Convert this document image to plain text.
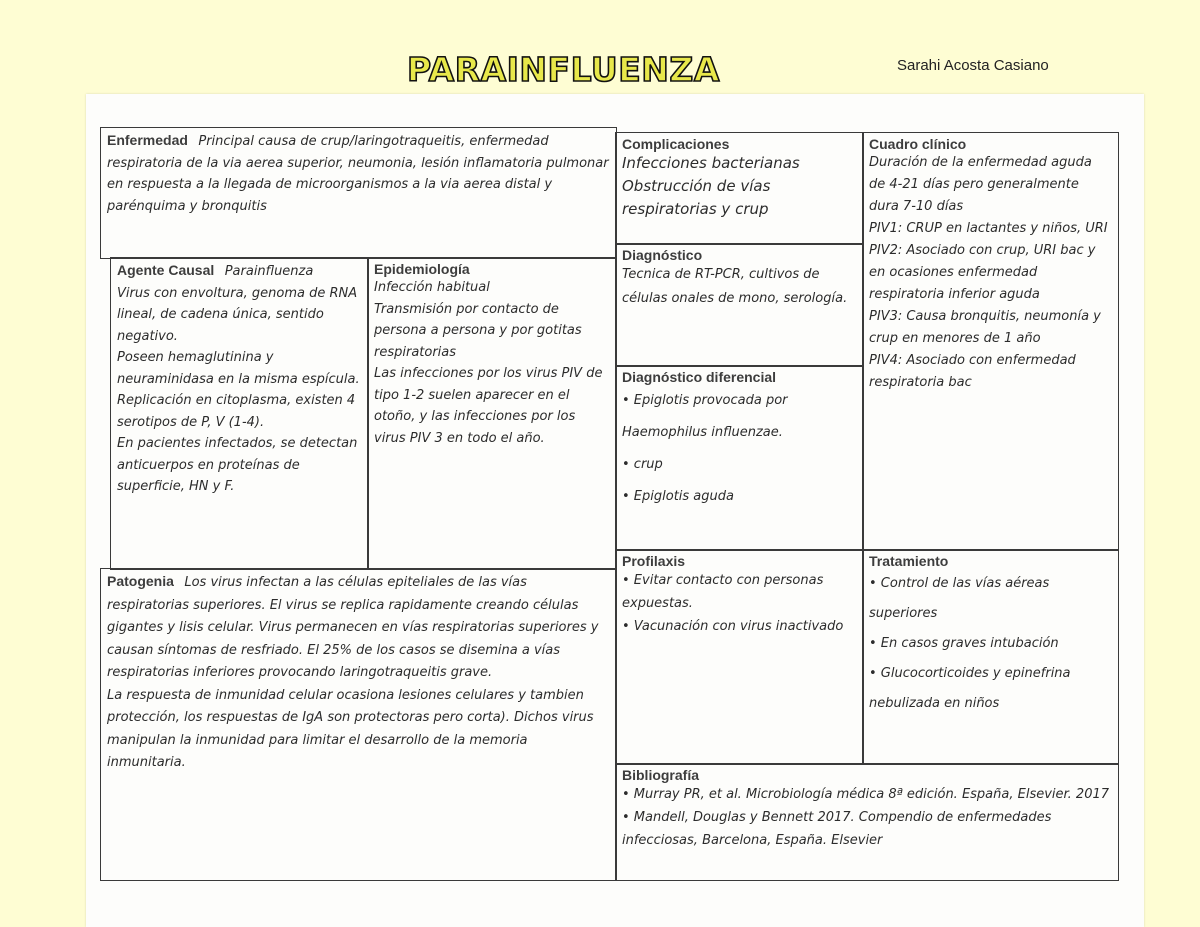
PARAINFLUENZA	Sarahi Acosta Casiano
Enfermedad Principal causa de crup/laringotraqueitis, enfermedad respiratoria de la via aerea superior, neumonia, lesión inflamatoria pulmonar en respuesta a la llegada de microorganismos a la via aerea distal y parénquima y bronquitis
Complicaciones
Infecciones bacterianas
Obstrucción de vías respiratorias y crup
Cuadro clínico
Duración de la enfermedad aguda de 4-21 días pero generalmente dura 7-10 días
PIV1: CRUP en lactantes y niños, URI
PIV2: Asociado con crup, URI bac y en ocasiones enfermedad respiratoria inferior aguda
PIV3: Causa bronquitis, neumonía y crup en menores de 1 año
PIV4: Asociado con enfermedad respiratoria bac
Diagnóstico
Tecnica de RT-PCR, cultivos de células onales de mono, serología.
Agente Causal Parainfluenza
Virus con envoltura, genoma de RNA lineal, de cadena única, sentido negativo.
Poseen hemaglutinina y neuraminidasa en la misma espícula.
Replicación en citoplasma, existen 4 serotipos de P, V (1-4).
En pacientes infectados, se detectan anticuerpos en proteínas de superficie, HN y F.
Epidemiología
Infección habitual
Transmisión por contacto de persona a persona y por gotitas respiratorias
Las infecciones por los virus PIV de tipo 1-2 suelen aparecer en el otoño, y las infecciones por los virus PIV 3 en todo el año.
Diagnóstico diferencial
• Epiglotis provocada por Haemophilus influenzae.
• crup
• Epiglotis aguda
Patogenia Los virus infectan a las células epiteliales de las vías respiratorias superiores. El virus se replica rapidamente creando células gigantes y lisis celular. Virus permanecen en vías respiratorias superiores y causan síntomas de resfriado. El 25% de los casos se disemina a vías respiratorias inferiores provocando laringotraqueitis grave.
La respuesta de inmunidad celular ocasiona lesiones celulares y tambien protección, los respuestas de IgA son protectoras pero corta). Dichos virus manipulan la inmunidad para limitar el desarrollo de la memoria inmunitaria.
Profilaxis
• Evitar contacto con personas expuestas.
• Vacunación con virus inactivado
Tratamiento
• Control de las vías aéreas superiores
• En casos graves intubación
• Glucocorticoides y epinefrina nebulizada en niños
Bibliografía
• Murray PR, et al. Microbiología médica 8ª edición. España, Elsevier. 2017
• Mandell, Douglas y Bennett 2017. Compendio de enfermedades infecciosas, Barcelona, España. Elsevier
